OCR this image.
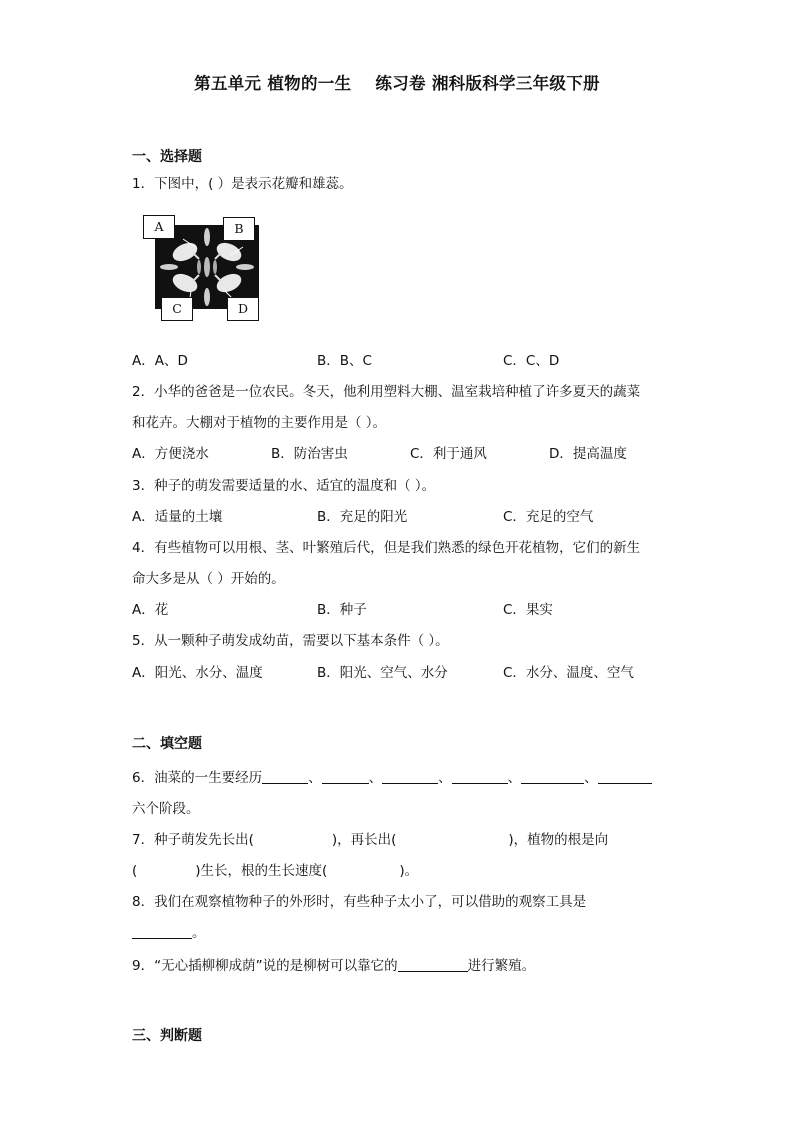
第五单元 植物的一生 练习卷 湘科版科学三年级下册
一、选择题
1．下图中，( ）是表示花瓣和雄蕊。
A	B
C	D
A．A、D	B．B、C	C．C、D
2．小华的爸爸是一位农民。冬天，他利用塑料大棚、温室栽培种植了许多夏天的蔬菜
和花卉。大棚对于植物的主要作用是（ ）。
A．方便浇水	B．防治害虫	C．利于通风	D．提高温度
3．种子的萌发需要适量的水、适宜的温度和（ ）。
A．适量的土壤	B．充足的阳光	C．充足的空气
4．有些植物可以用根、茎、叶繁殖后代，但是我们熟悉的绿色开花植物，它们的新生
命大多是从（ ）开始的。
A．花	B．种子	C．果实
5．从一颗种子萌发成幼苗，需要以下基本条件（ ）。
A．阳光、水分、温度	B．阳光、空气、水分	C．水分、温度、空气
二、填空题
6．油菜的一生要经历	、	、	、	、	、
六个阶段。
7．种子萌发先长出(	)，再长出(	)，植物的根是向
(	)生长，根的生长速度(	)。
8．我们在观察植物种子的外形时，有些种子太小了，可以借助的观察工具是
。
9．“无心插柳柳成荫”说的是柳树可以靠它的	进行繁殖。
三、判断题
